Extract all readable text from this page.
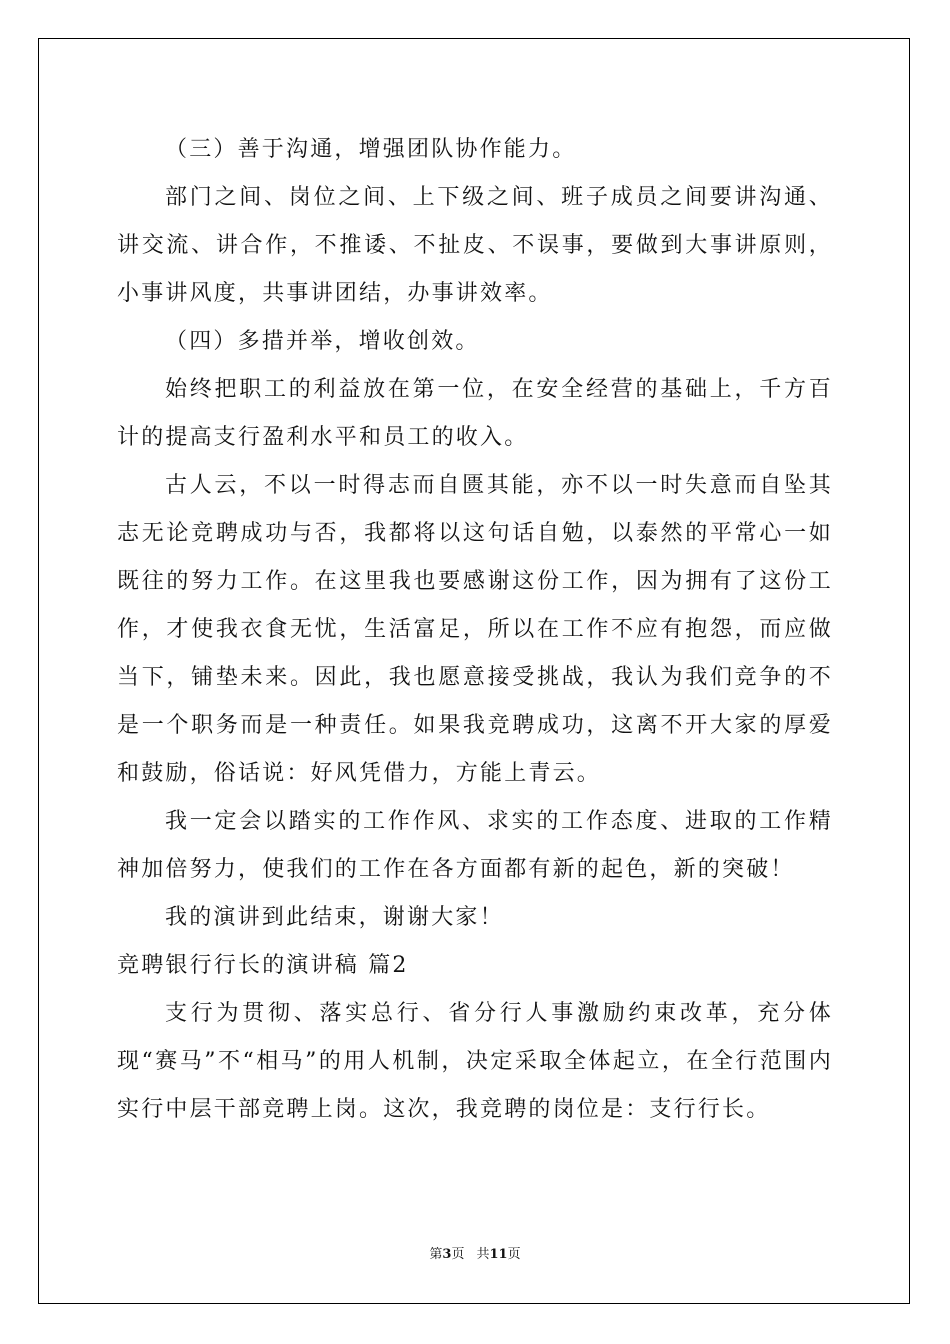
（三）善于沟通，增强团队协作能力。

部门之间、岗位之间、上下级之间、班子成员之间要讲沟通、讲交流、讲合作，不推诿、不扯皮、不误事，要做到大事讲原则，小事讲风度，共事讲团结，办事讲效率。

（四）多措并举，增收创效。

始终把职工的利益放在第一位，在安全经营的基础上，千方百计的提高支行盈利水平和员工的收入。

古人云，不以一时得志而自匮其能，亦不以一时失意而自坠其志无论竞聘成功与否，我都将以这句话自勉，以泰然的平常心一如既往的努力工作。在这里我也要感谢这份工作，因为拥有了这份工作，才使我衣食无忧，生活富足，所以在工作不应有抱怨，而应做当下，铺垫未来。因此，我也愿意接受挑战，我认为我们竞争的不是一个职务而是一种责任。如果我竞聘成功，这离不开大家的厚爱和鼓励，俗话说：好风凭借力，方能上青云。

我一定会以踏实的工作作风、求实的工作态度、进取的工作精神加倍努力，使我们的工作在各方面都有新的起色，新的突破！

我的演讲到此结束，谢谢大家！

竞聘银行行长的演讲稿 篇2

支行为贯彻、落实总行、省分行人事激励约束改革，充分体现“赛马”不“相马”的用人机制，决定采取全体起立，在全行范围内实行中层干部竞聘上岗。这次，我竞聘的岗位是：支行行长。

第3页 共11页
